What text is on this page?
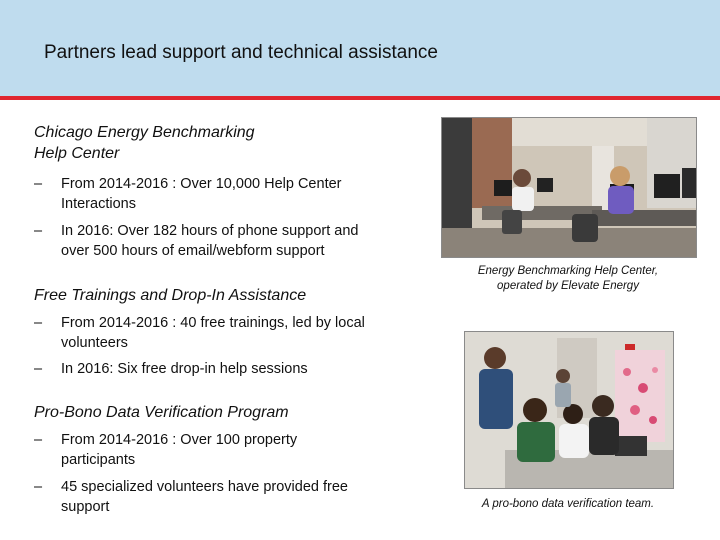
Partners lead support and technical assistance
Chicago Energy Benchmarking
Help Center
–	From 2014-2016 : Over 10,000 Help Center
Interactions
–	In 2016: Over 182 hours of phone support and
over 500 hours of email/webform support
Free Trainings and Drop-In Assistance
–	From 2014-2016 : 40 free trainings, led by local
volunteers
–	In 2016: Six free drop-in help sessions
Pro-Bono Data Verification Program
–	From 2014-2016 : Over 100 property
participants
–	45 specialized volunteers have provided free
support
Energy Benchmarking Help Center,
operated by Elevate Energy
A pro-bono data verification team.
